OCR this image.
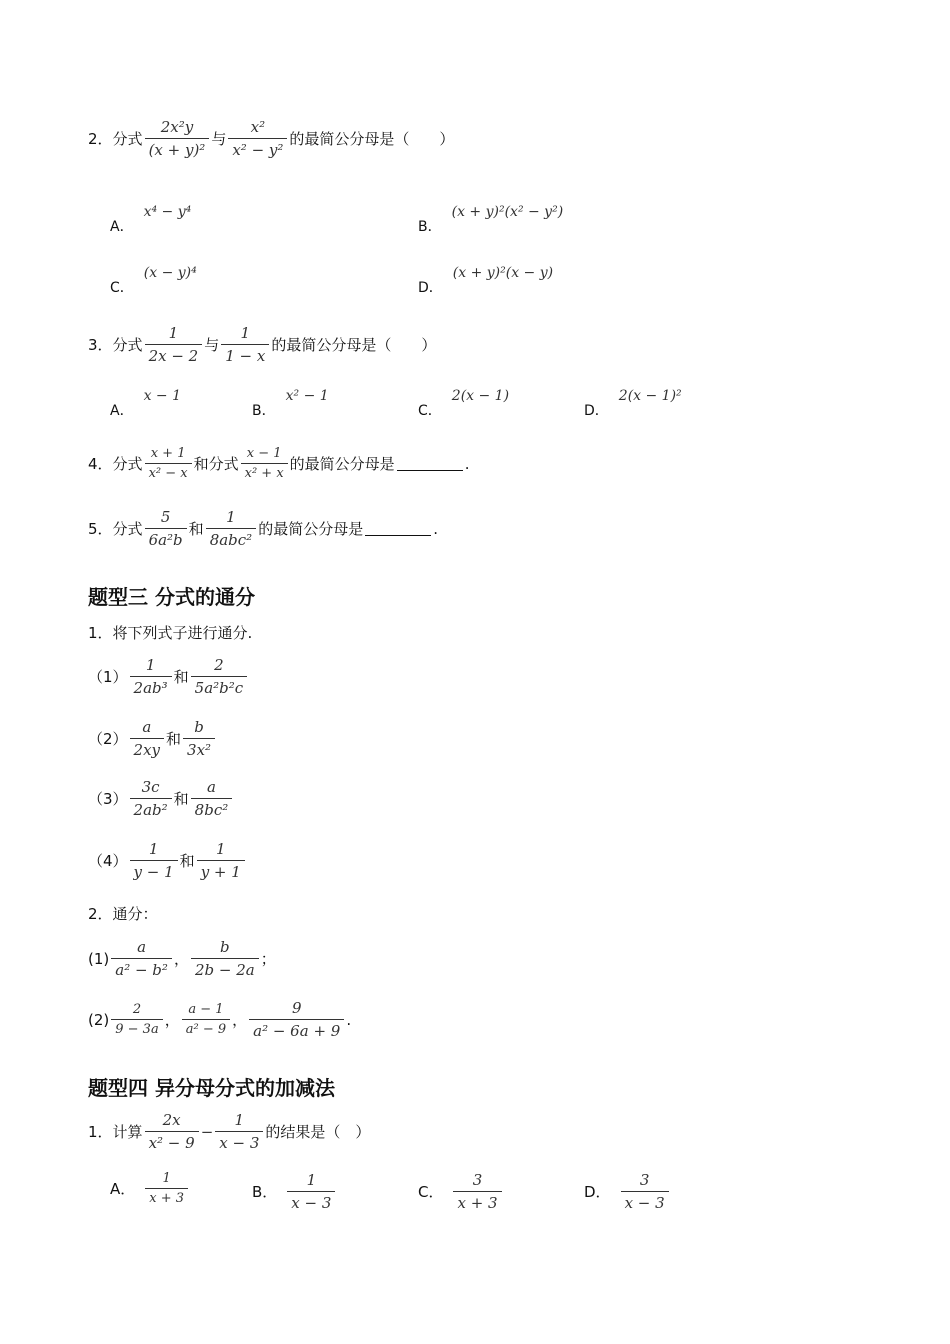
2． 分式 $\frac{\text{2x²y}}{\text{(x + y)²}}$ 与 $\frac{\text{x²}}{\text{x² − y²}}$ 的最简公分母是（　　）
A．
x⁴ − y⁴
B．
(x + y)²(x² − y²)
C．
(x − y)⁴
D．
(x + y)²(x − y)
3． 分式 $\frac{1}{2x - 2}$ 与 $\frac{1}{1 - x}$ 的最简公分母是（　　）
A．
x − 1
B．
x² − 1
C．
2(x − 1)
D．
2(x − 1)²
4． 分式 $\frac{x + 1}{\text{x² − x}}$ 和分式 $\frac{x - 1}{\text{x² + x}}$ 的最简公分母是	.
5． 分式 $\frac{5}{\text{6a²b}}$ 和 $\frac{1}{\text{8abc²}}$ 的最简公分母是	.
题型三 分式的通分
1．将下列式子进行通分.
$(1) \frac{1}{\text{2ab³}}$ 和 $\frac{2}{\text{5a²b²c}}$
$(2) \frac{a}{2xy}$ 和 $\frac{b}{\text{3x²}}$
$(3) \frac{3c}{\text{2ab²}}$ 和 $\frac{a}{\text{8bc²}}$
$(4) \frac{1}{y - 1}$ 和 $\frac{1}{y + 1}$
2．通分：
$(1) \frac{a}{\text{a² − b²}}$ ， $\frac{b}{2b - 2a}$ ；
$(2) \frac{2}{9 - 3a}$ ， $\frac{a - 1}{\text{a² − 9}}$ ， $\frac{9}{\text{a² − 6a + 9}}$ .
题型四 异分母分式的加减法
1． 计算 $\frac{2x}{\text{x² − 9}} - \frac{1}{x - 3}$ 的结果是（　）
A． $\frac{1}{x + 3}$	B． $\frac{1}{x - 3}$	C． $\frac{3}{x + 3}$	D． $\frac{3}{x - 3}$
